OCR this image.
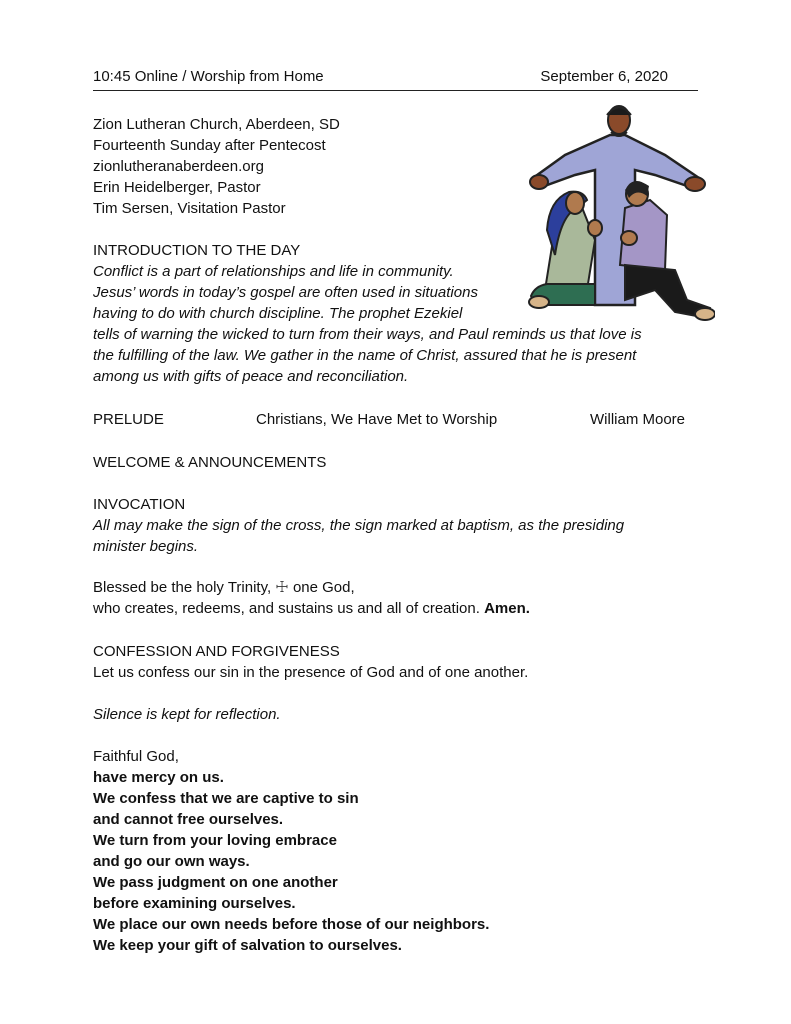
10:45 Online / Worship from Home	September 6, 2020
Zion Lutheran Church, Aberdeen, SD
Fourteenth Sunday after Pentecost
zionlutheranaberdeen.org
Erin Heidelberger, Pastor
Tim Sersen, Visitation Pastor
INTRODUCTION TO THE DAY
Conflict is a part of relationships and life in community.
Jesus’ words in today’s gospel are often used in situations
having to do with church discipline. The prophet Ezekiel
tells of warning the wicked to turn from their ways, and Paul reminds us that love is
the fulfilling of the law. We gather in the name of Christ, assured that he is present
among us with gifts of peace and reconciliation.
PRELUDE	Christians, We Have Met to Worship	William Moore
WELCOME & ANNOUNCEMENTS
INVOCATION
All may make the sign of the cross, the sign marked at baptism, as the presiding
minister begins.
Blessed be the holy Trinity, ☩ one God,
who creates, redeems, and sustains us and all of creation. Amen.
CONFESSION AND FORGIVENESS
Let us confess our sin in the presence of God and of one another.
Silence is kept for reflection.
Faithful God,
have mercy on us.
We confess that we are captive to sin
and cannot free ourselves.
We turn from your loving embrace
and go our own ways.
We pass judgment on one another
before examining ourselves.
We place our own needs before those of our neighbors.
We keep your gift of salvation to ourselves.
